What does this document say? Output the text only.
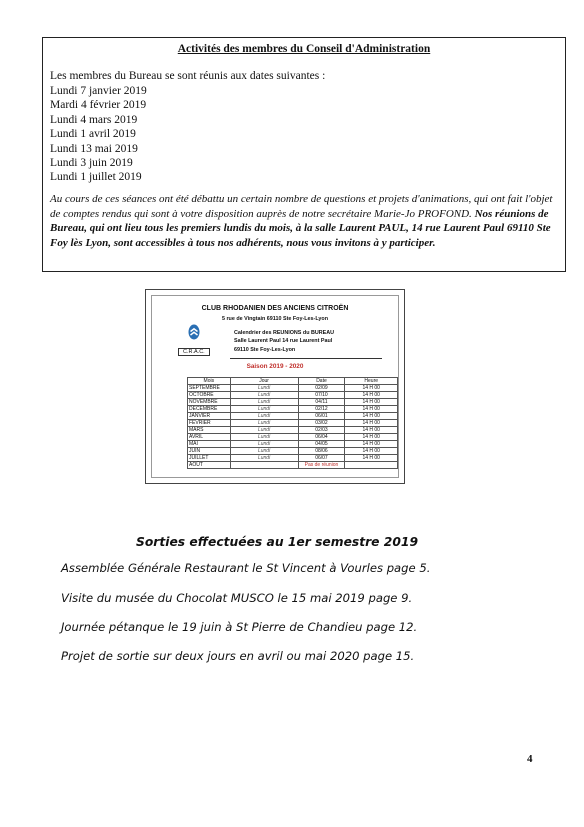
Activités des membres du Conseil d'Administration
Les membres du Bureau se sont réunis aux dates suivantes :
Lundi 7 janvier 2019
Mardi 4 février 2019
Lundi 4 mars 2019
Lundi 1 avril 2019
Lundi 13 mai 2019
Lundi 3 juin 2019
Lundi 1 juillet 2019
Au cours de ces séances ont été débattu un certain nombre de questions et projets d'animations, qui ont fait l'objet de comptes rendus qui sont à votre disposition auprès de notre secrétaire Marie-Jo PROFOND. Nos réunions de Bureau, qui ont lieu tous les premiers lundis du mois, à la salle Laurent PAUL, 14 rue Laurent Paul 69110 Ste Foy lès Lyon, sont accessibles à tous nos adhérents, nous vous invitons à y participer.
CLUB RHODANIEN DES ANCIENS CITROËN
5 rue de Vingtain 69110 Ste Foy-Les-Lyon
C.R.A.C.
Calendrier des REUNIONS du BUREAU
Salle Laurent Paul 14 rue Laurent Paul
69110 Ste Foy-Les-Lyon
Saison 2019 - 2020
Mois	Jour	Date	Heure
SEPTEMBRE	Lundi	02/09	14 H 00
OCTOBRE	Lundi	07/10	14 H 00
NOVEMBRE	Lundi	04/11	14 H 00
DECEMBRE	Lundi	02/12	14 H 00
JANVIER	Lundi	06/01	14 H 00
FEVRIER	Lundi	03/02	14 H 00
MARS	Lundi	02/03	14 H 00
AVRIL	Lundi	06/04	14 H 00
MAI	Lundi	04/05	14 H 00
JUIN	Lundi	08/06	14 H 00
JUILLET	Lundi	06/07	14 H 00
AOÛT		Pas de réunion	
Sorties effectuées au 1er semestre 2019
Assemblée Générale Restaurant le St Vincent à Vourles page 5.
Visite du musée du Chocolat MUSCO le 15 mai 2019 page 9.
Journée pétanque le 19 juin à St Pierre de Chandieu page 12.
Projet de sortie sur deux jours en avril ou mai 2020 page 15.
4
